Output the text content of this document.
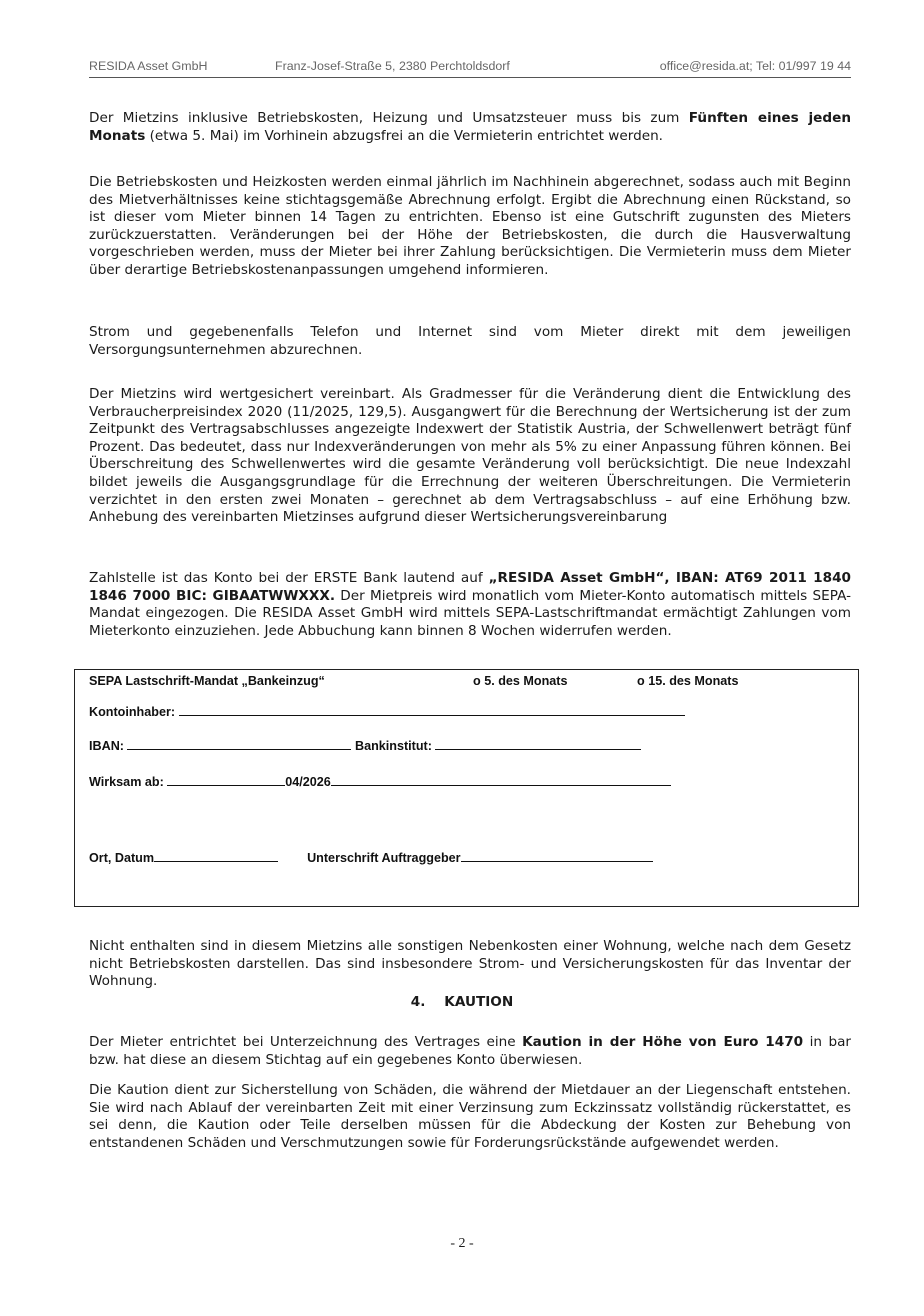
RESIDA Asset GmbH	Franz-Josef-Straße 5, 2380 Perchtoldsdorf	office@resida.at; Tel: 01/997 19 44

Der Mietzins inklusive Betriebskosten, Heizung und Umsatzsteuer muss bis zum Fünften eines jeden Monats (etwa 5. Mai) im Vorhinein abzugsfrei an die Vermieterin entrichtet werden.

Die Betriebskosten und Heizkosten werden einmal jährlich im Nachhinein abgerechnet, sodass auch mit Beginn des Mietverhältnisses keine stichtagsgemäße Abrechnung erfolgt. Ergibt die Abrechnung einen Rückstand, so ist dieser vom Mieter binnen 14 Tagen zu entrichten. Ebenso ist eine Gutschrift zugunsten des Mieters zurückzuerstatten. Veränderungen bei der Höhe der Betriebskosten, die durch die Hausverwaltung vorgeschrieben werden, muss der Mieter bei ihrer Zahlung berücksichtigen. Die Vermieterin muss dem Mieter über derartige Betriebskostenanpassungen umgehend informieren.

Strom und gegebenenfalls Telefon und Internet sind vom Mieter direkt mit dem jeweiligen Versorgungsunternehmen abzurechnen.

Der Mietzins wird wertgesichert vereinbart. Als Gradmesser für die Veränderung dient die Entwicklung des Verbraucherpreisindex 2020 (11/2025, 129,5). Ausgangwert für die Berechnung der Wertsicherung ist der zum Zeitpunkt des Vertragsabschlusses angezeigte Indexwert der Statistik Austria, der Schwellenwert beträgt fünf Prozent. Das bedeutet, dass nur Indexveränderungen von mehr als 5% zu einer Anpassung führen können. Bei Überschreitung des Schwellenwertes wird die gesamte Veränderung voll berücksichtigt. Die neue Indexzahl bildet jeweils die Ausgangsgrundlage für die Errechnung der weiteren Überschreitungen. Die Vermieterin verzichtet in den ersten zwei Monaten – gerechnet ab dem Vertragsabschluss – auf eine Erhöhung bzw. Anhebung des vereinbarten Mietzinses aufgrund dieser Wertsicherungsvereinbarung

Zahlstelle ist das Konto bei der ERSTE Bank lautend auf „RESIDA Asset GmbH“, IBAN: AT69 2011 1840 1846 7000 BIC: GIBAATWWXXX. Der Mietpreis wird monatlich vom Mieter-Konto automatisch mittels SEPA-Mandat eingezogen. Die RESIDA Asset GmbH wird mittels SEPA-Lastschriftmandat ermächtigt Zahlungen vom Mieterkonto einzuziehen. Jede Abbuchung kann binnen 8 Wochen widerrufen werden.

SEPA Lastschrift-Mandat „Bankeinzug“	o 5. des Monats	o 15. des Monats
Kontoinhaber:
IBAN:	Bankinstitut:
Wirksam ab:	04/2026
Ort, Datum	Unterschrift Auftraggeber

Nicht enthalten sind in diesem Mietzins alle sonstigen Nebenkosten einer Wohnung, welche nach dem Gesetz nicht Betriebskosten darstellen. Das sind insbesondere Strom- und Versicherungskosten für das Inventar der Wohnung.

4.    KAUTION

Der Mieter entrichtet bei Unterzeichnung des Vertrages eine Kaution in der Höhe von Euro 1470 in bar bzw. hat diese an diesem Stichtag auf ein gegebenes Konto überwiesen.

Die Kaution dient zur Sicherstellung von Schäden, die während der Mietdauer an der Liegenschaft entstehen. Sie wird nach Ablauf der vereinbarten Zeit mit einer Verzinsung zum Eckzinssatz vollständig rückerstattet, es sei denn, die Kaution oder Teile derselben müssen für die Abdeckung der Kosten zur Behebung von entstandenen Schäden und Verschmutzungen sowie für Forderungsrückstände aufgewendet werden.

- 2 -
